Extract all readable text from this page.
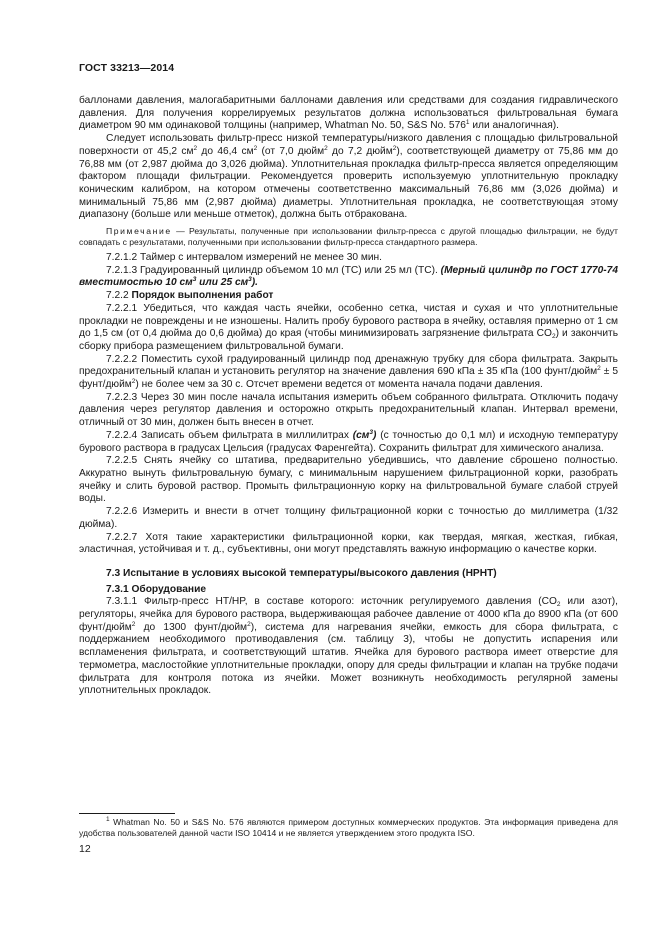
ГОСТ 33213—2014

баллонами давления, малогабаритными баллонами давления или средствами для создания гидравлического давления. Для получения коррелируемых результатов должна использоваться фильтровальная бумага диаметром 90 мм одинаковой толщины (например, Whatman No. 50, S&S No. $576^1$ или аналогичная).

Следует использовать фильтр-пресс низкой температуры/низкого давления с площадью фильтровальной поверхности от 45,2 $см^2$ до 46,4 $см^2$ (от 7,0 дюйм$^2$ до 7,2 дюйм$^2$), соответствующей диаметру от 75,86 мм до 76,88 мм (от 2,987 дюйма до 3,026 дюйма). Уплотнительная прокладка фильтр-пресса является определяющим фактором площади фильтрации. Рекомендуется проверить используемую уплотнительную прокладку коническим калибром, на котором отмечены соответственно максимальный 76,86 мм (3,026 дюйма) и минимальный 75,86 мм (2,987 дюйма) диаметры. Уплотнительная прокладка, не соответствующая этому диапазону (больше или меньше отметок), должна быть отбракована.

Примечание — Результаты, полученные при использовании фильтр-пресса с другой площадью фильтрации, не будут совпадать с результатами, полученными при использовании фильтр-пресса стандартного размера.

7.2.1.2 Таймер с интервалом измерений не менее 30 мин.

7.2.1.3 Градуированный цилиндр объемом 10 мл (ТС) или 25 мл (ТС). (Мерный цилиндр по ГОСТ 1770-74 вместимостью 10 $см^3$ или 25 $см^3$).

7.2.2 Порядок выполнения работ

7.2.2.1 Убедиться, что каждая часть ячейки, особенно сетка, чистая и сухая и что уплотнительные прокладки не повреждены и не изношены. Налить пробу бурового раствора в ячейку, оставляя примерно от 1 см до 1,5 см (от 0,4 дюйма до 0,6 дюйма) до края (чтобы минимизировать загрязнение фильтрата $CO_2$) и закончить сборку прибора размещением фильтровальной бумаги.

7.2.2.2 Поместить сухой градуированный цилиндр под дренажную трубку для сбора фильтрата. Закрыть предохранительный клапан и установить регулятор на значение давления 690 кПа ± 35 кПа (100 фунт/дюйм$^2$ ± 5 фунт/дюйм$^2$) не более чем за 30 с. Отсчет времени ведется от момента начала подачи давления.

7.2.2.3 Через 30 мин после начала испытания измерить объем собранного фильтрата. Отключить подачу давления через регулятор давления и осторожно открыть предохранительный клапан. Интервал времени, отличный от 30 мин, должен быть внесен в отчет.

7.2.2.4 Записать объем фильтрата в миллилитрах $(см^3)$ (с точностью до 0,1 мл) и исходную температуру бурового раствора в градусах Цельсия (градусах Фаренгейта). Сохранить фильтрат для химического анализа.

7.2.2.5 Снять ячейку со штатива, предварительно убедившись, что давление сброшено полностью. Аккуратно вынуть фильтровальную бумагу, с минимальным нарушением фильтрационной корки, разобрать ячейку и слить буровой раствор. Промыть фильтрационную корку на фильтровальной бумаге слабой струей воды.

7.2.2.6 Измерить и внести в отчет толщину фильтрационной корки с точностью до миллиметра (1/32 дюйма).

7.2.2.7 Хотя такие характеристики фильтрационной корки, как твердая, мягкая, жесткая, гибкая, эластичная, устойчивая и т. д., субъективны, они могут представлять важную информацию о качестве корки.

7.3 Испытание в условиях высокой температуры/высокого давления (HPHT)

7.3.1 Оборудование

7.3.1.1 Фильтр-пресс HT/HP, в составе которого: источник регулируемого давления ($CO_2$ или азот), регуляторы, ячейка для бурового раствора, выдерживающая рабочее давление от 4000 кПа до 8900 кПа (от 600 фунт/дюйм$^2$ до 1300 фунт/дюйм$^2$), система для нагревания ячейки, емкость для сбора фильтрата, с поддержанием необходимого противодавления (см. таблицу 3), чтобы не допустить испарения или вспламенения фильтрата, и соответствующий штатив. Ячейка для бурового раствора имеет отверстие для термометра, маслостойкие уплотнительные прокладки, опору для среды фильтрации и клапан на трубке подачи фильтрата для контроля потока из ячейки. Может возникнуть необходимость регулярной замены уплотнительных прокладок.

$^1$ Whatman No. 50 и S&S No. 576 являются примером доступных коммерческих продуктов. Эта информация приведена для удобства пользователей данной части ISO 10414 и не является утверждением этого продукта ISO.
12
